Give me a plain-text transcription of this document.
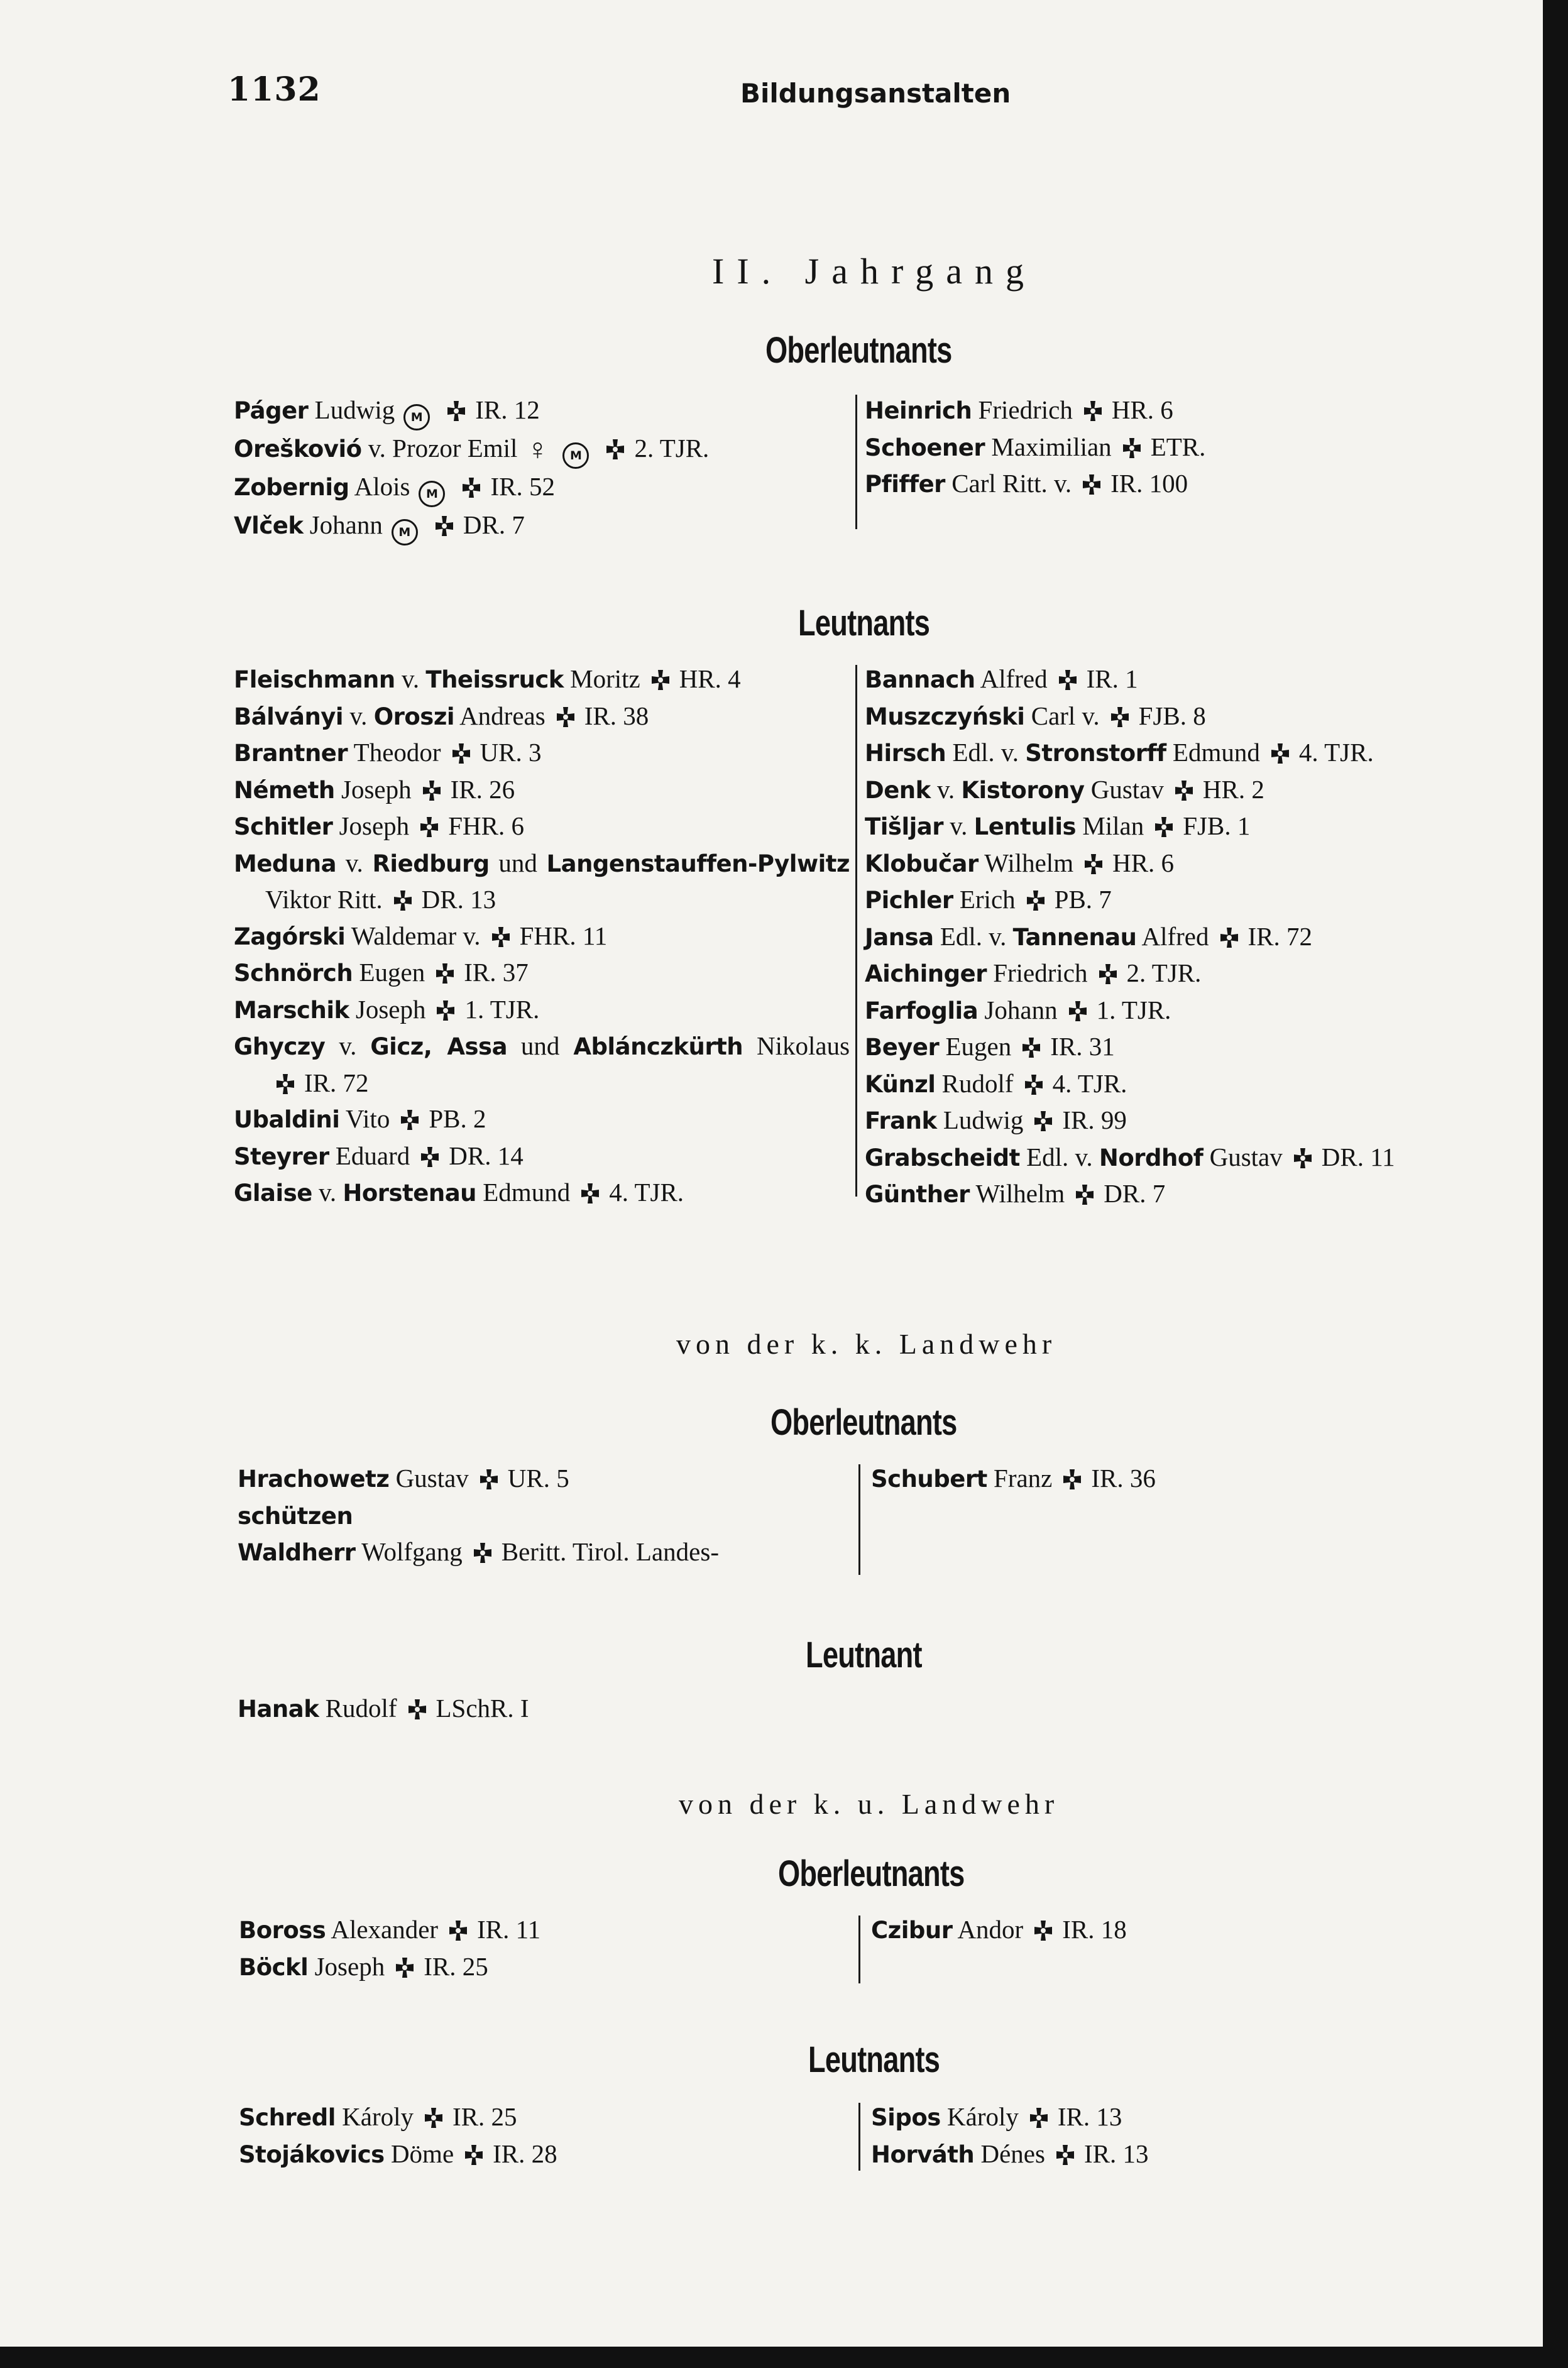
1132	Bildungsanstalten
II. Jahrgang
Oberleutnants
Páger Ludwig M IR. 12
Oreškovió v. Prozor Emil ♀ M 2. TJR.
Zobernig Alois M IR. 52
Vlček Johann M DR. 7
Heinrich Friedrich HR. 6
Schoener Maximilian ETR.
Pfiffer Carl Ritt. v. IR. 100
Leutnants
Fleischmann v. Theissruck Moritz HR. 4
Bálványi v. Oroszi Andreas IR. 38
Brantner Theodor UR. 3
Németh Joseph IR. 26
Schitler Joseph FHR. 6
Meduna v. Riedburg und Langenstauffen-Pylwitz
Viktor Ritt. DR. 13
Zagórski Waldemar v. FHR. 11
Schnörch Eugen IR. 37
Marschik Joseph 1. TJR.
Ghyczy v. Gicz, Assa und Ablánczkürth Nikolaus
IR. 72
Ubaldini Vito PB. 2
Steyrer Eduard DR. 14
Glaise v. Horstenau Edmund 4. TJR.
Bannach Alfred IR. 1
Muszczyński Carl v. FJB. 8
Hirsch Edl. v. Stronstorff Edmund 4. TJR.
Denk v. Kistorony Gustav HR. 2
Tišljar v. Lentulis Milan FJB. 1
Klobučar Wilhelm HR. 6
Pichler Erich PB. 7
Jansa Edl. v. Tannenau Alfred IR. 72
Aichinger Friedrich 2. TJR.
Farfoglia Johann 1. TJR.
Beyer Eugen IR. 31
Künzl Rudolf 4. TJR.
Frank Ludwig IR. 99
Grabscheidt Edl. v. Nordhof Gustav DR. 11
Günther Wilhelm DR. 7
von der k. k. Landwehr
Oberleutnants
Hrachowetz Gustav UR. 5
schützen
Waldherr Wolfgang Beritt. Tirol. Landes-
Schubert Franz IR. 36
Leutnant
Hanak Rudolf LSchR. I
von der k. u. Landwehr
Oberleutnants
Boross Alexander IR. 11
Böckl Joseph IR. 25
Czibur Andor IR. 18
Leutnants
Schredl Károly IR. 25
Stojákovics Döme IR. 28
Sipos Károly IR. 13
Horváth Dénes IR. 13
